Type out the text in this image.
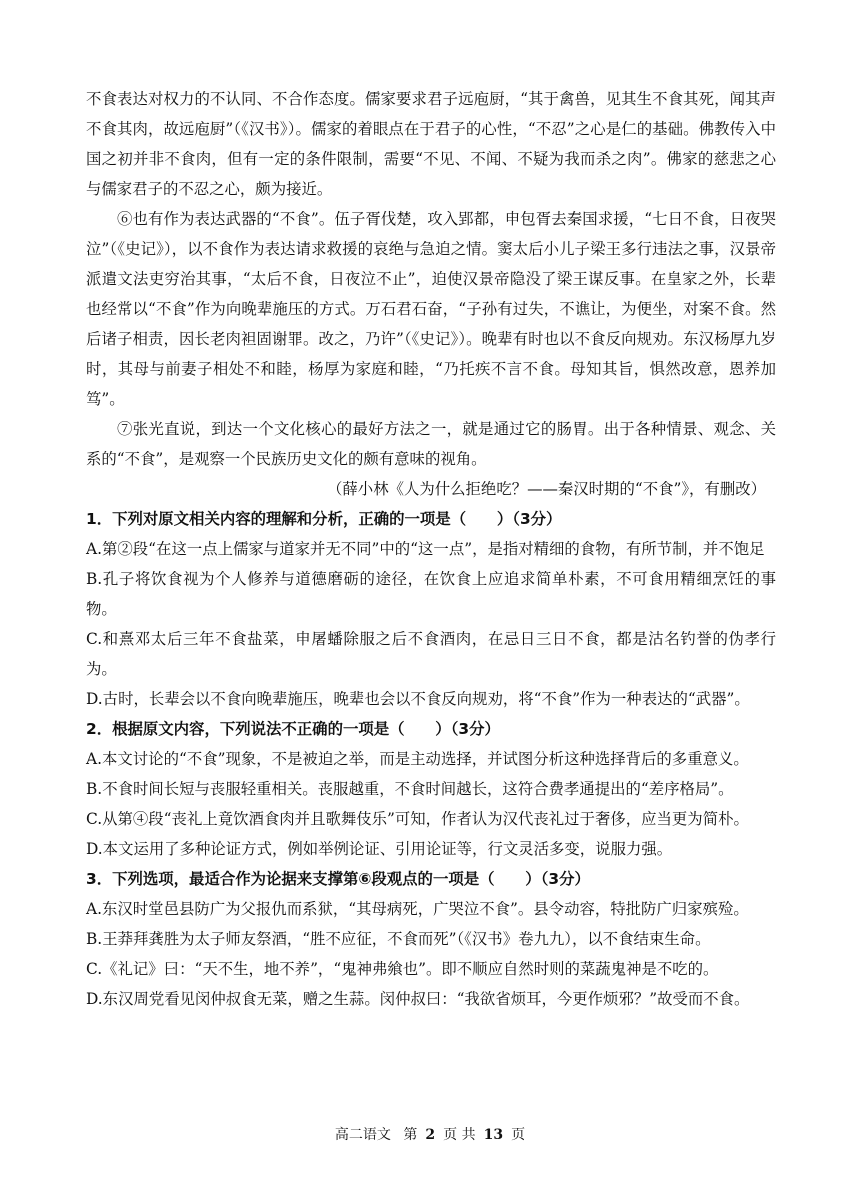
不食表达对权力的不认同、不合作态度。儒家要求君子远庖厨，“其于禽兽，见其生不食其死，闻其声不食其肉，故远庖厨”（《汉书》）。儒家的着眼点在于君子的心性，“不忍”之心是仁的基础。佛教传入中国之初并非不食肉，但有一定的条件限制，需要“不见、不闻、不疑为我而杀之肉”。佛家的慈悲之心与儒家君子的不忍之心，颇为接近。

⑥也有作为表达武器的“不食”。伍子胥伐楚，攻入郢都，申包胥去秦国求援，“七日不食，日夜哭泣”（《史记》），以不食作为表达请求救援的哀绝与急迫之情。窦太后小儿子梁王多行违法之事，汉景帝派遣文法吏穷治其事，“太后不食，日夜泣不止”，迫使汉景帝隐没了梁王谋反事。在皇家之外，长辈也经常以“不食”作为向晚辈施压的方式。万石君石奋，“子孙有过失，不谯让，为便坐，对案不食。然后诸子相责，因长老肉袒固谢罪。改之，乃许”（《史记》）。晚辈有时也以不食反向规劝。东汉杨厚九岁时，其母与前妻子相处不和睦，杨厚为家庭和睦，“乃托疾不言不食。母知其旨，惧然改意，恩养加笃”。

⑦张光直说，到达一个文化核心的最好方法之一，就是通过它的肠胃。出于各种情景、观念、关系的“不食”，是观察一个民族历史文化的颇有意味的视角。

（薛小林《人为什么拒绝吃？——秦汉时期的“不食”》，有删改）

1．下列对原文相关内容的理解和分析，正确的一项是（　　）（3分）

A.第②段“在这一点上儒家与道家并无不同”中的“这一点”，是指对精细的食物，有所节制，并不饱足

B.孔子将饮食视为个人修养与道德磨砺的途径，在饮食上应追求简单朴素，不可食用精细烹饪的事物。

C.和熹邓太后三年不食盐菜，申屠蟠除服之后不食酒肉，在忌日三日不食，都是沽名钓誉的伪孝行为。

D.古时，长辈会以不食向晚辈施压，晚辈也会以不食反向规劝，将“不食”作为一种表达的“武器”。

2．根据原文内容，下列说法不正确的一项是（　　）（3分）

A.本文讨论的“不食”现象，不是被迫之举，而是主动选择，并试图分析这种选择背后的多重意义。

B.不食时间长短与丧服轻重相关。丧服越重，不食时间越长，这符合费孝通提出的“差序格局”。

C.从第④段“丧礼上竟饮酒食肉并且歌舞伎乐”可知，作者认为汉代丧礼过于奢侈，应当更为简朴。

D.本文运用了多种论证方式，例如举例论证、引用论证等，行文灵活多变，说服力强。

3．下列选项，最适合作为论据来支撑第⑥段观点的一项是（　　）（3分）

A.东汉时堂邑县防广为父报仇而系狱，“其母病死，广哭泣不食”。县令动容，特批防广归家殡殓。

B.王莽拜龚胜为太子师友祭酒，“胜不应征，不食而死”（《汉书》卷九九），以不食结束生命。

C.《礼记》曰：“天不生，地不养”，“鬼神弗飨也”。即不顺应自然时则的菜蔬鬼神是不吃的。

D.东汉周党看见闵仲叔食无菜，赠之生蒜。闵仲叔曰：“我欲省烦耳，今更作烦邪？”故受而不食。

高二语文 第 2 页 共 13 页
